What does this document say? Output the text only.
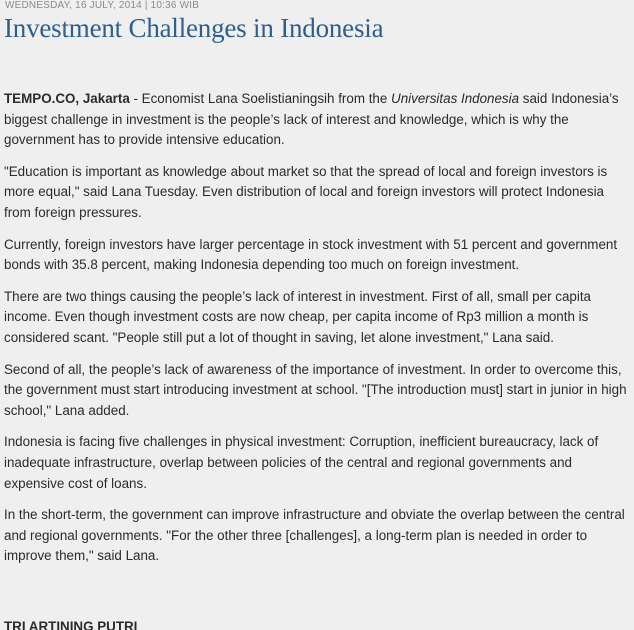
WEDNESDAY, 16 JULY, 2014 | 10:36 WIB
Investment Challenges in Indonesia

TEMPO.CO, Jakarta - Economist Lana Soelistianingsih from the Universitas Indonesia said Indonesia’s biggest challenge in investment is the people’s lack of interest and knowledge, which is why the government has to provide intensive education.

"Education is important as knowledge about market so that the spread of local and foreign investors is more equal," said Lana Tuesday. Even distribution of local and foreign investors will protect Indonesia from foreign pressures.

Currently, foreign investors have larger percentage in stock investment with 51 percent and government bonds with 35.8 percent, making Indonesia depending too much on foreign investment.

There are two things causing the people’s lack of interest in investment. First of all, small per capita income. Even though investment costs are now cheap, per capita income of Rp3 million a month is considered scant. "People still put a lot of thought in saving, let alone investment," Lana said.

Second of all, the people’s lack of awareness of the importance of investment. In order to overcome this, the government must start introducing investment at school. "[The introduction must] start in junior in high school," Lana added.

Indonesia is facing five challenges in physical investment: Corruption, inefficient bureaucracy, lack of inadequate infrastructure, overlap between policies of the central and regional governments and expensive cost of loans.

In the short-term, the government can improve infrastructure and obviate the overlap between the central and regional governments. "For the other three [challenges], a long-term plan is needed in order to improve them," said Lana.

TRI ARTINING PUTRI
